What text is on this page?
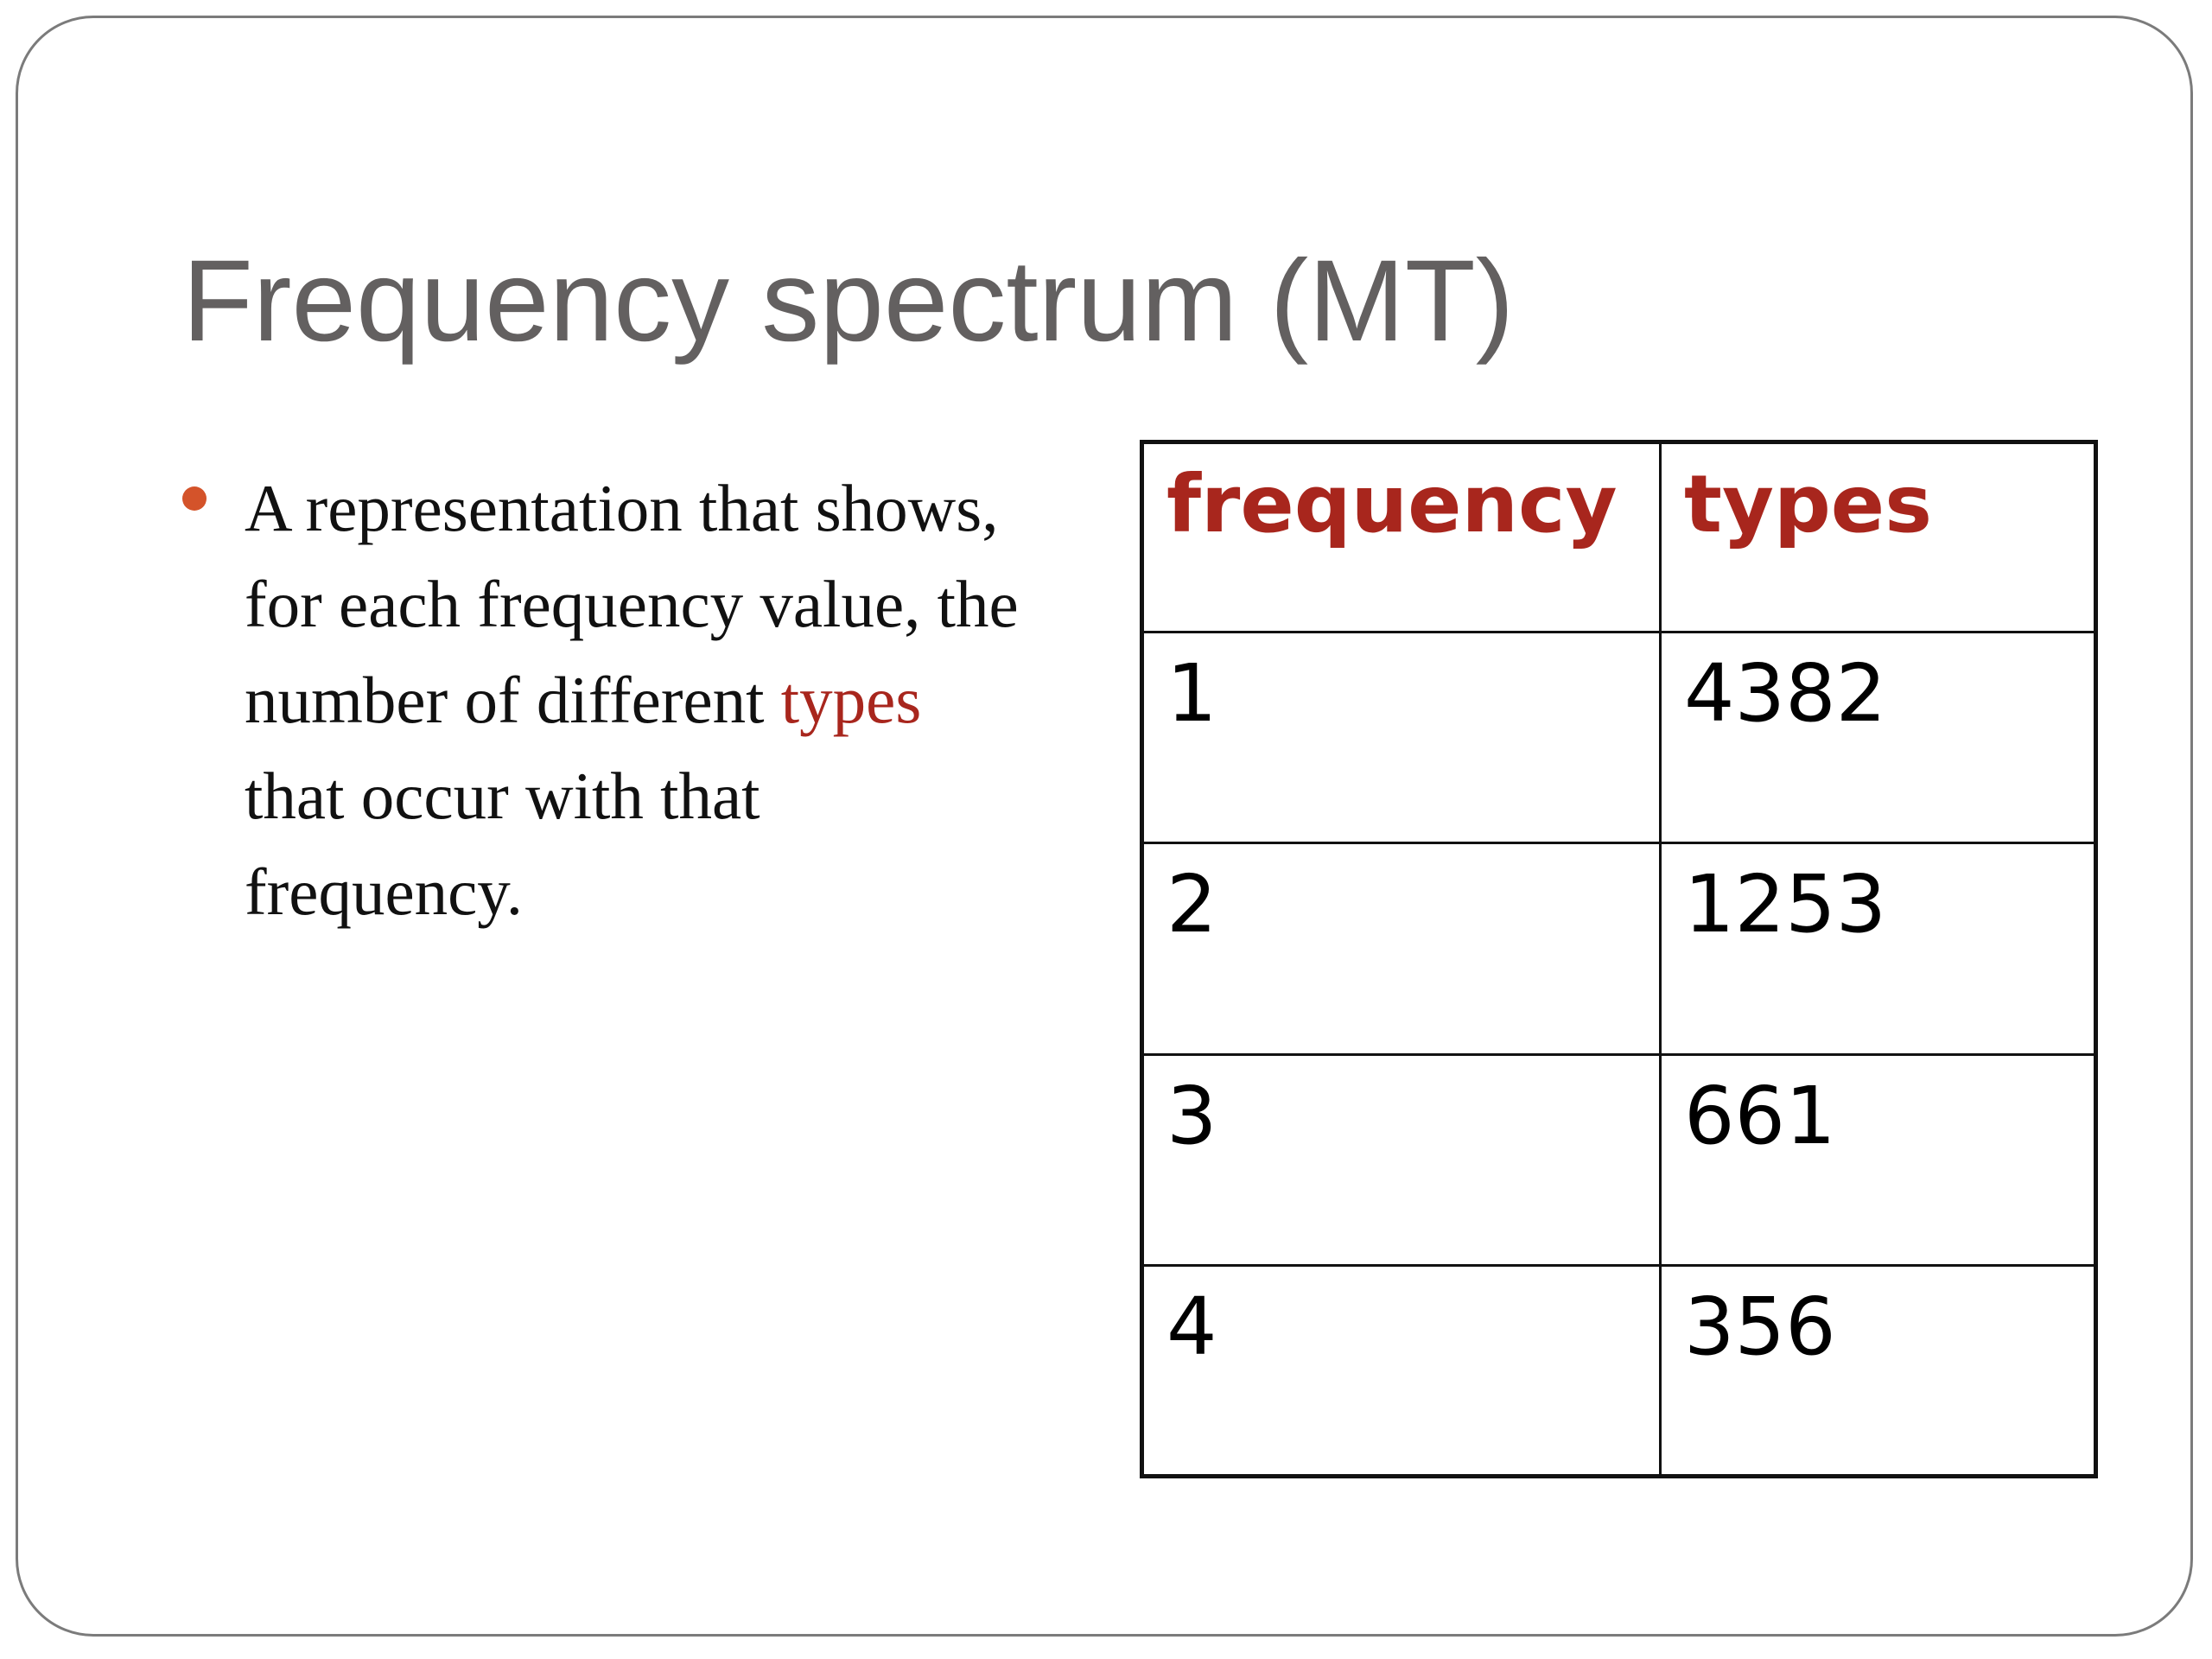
Frequency spectrum (MT)
A representation that shows,
for each frequency value, the
number of different types
that occur with that
frequency.
frequency	types
1	4382
2	1253
3	661
4	356
